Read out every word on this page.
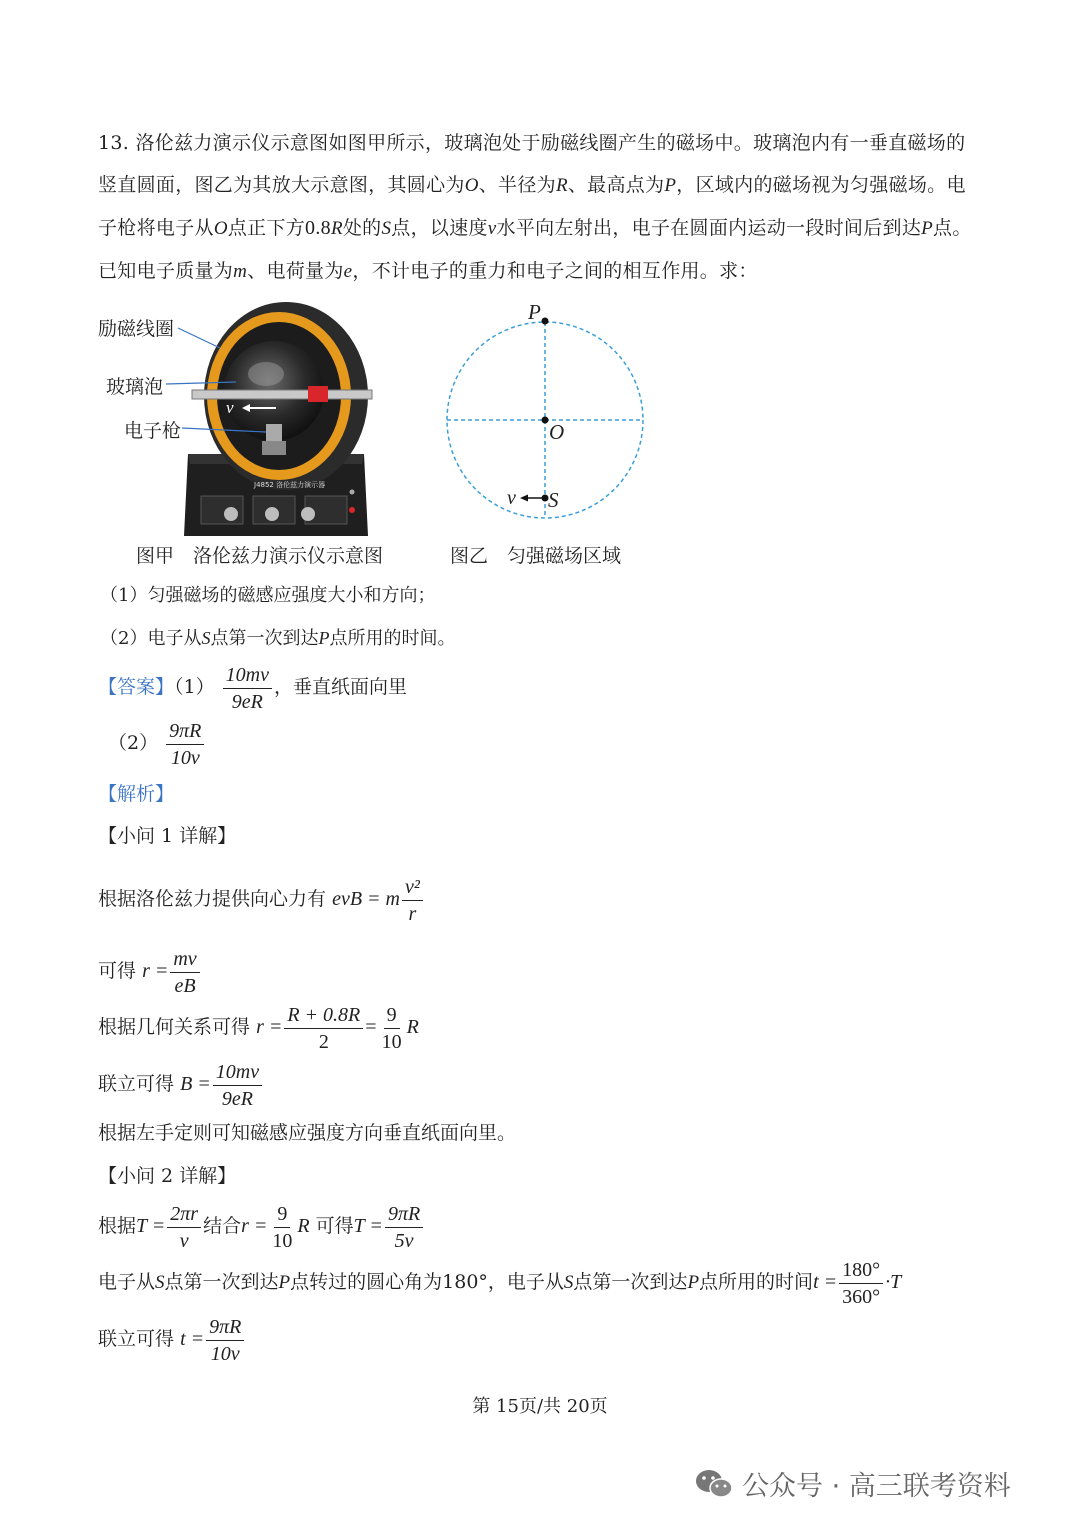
13. 洛伦兹力演示仪示意图如图甲所示，玻璃泡处于励磁线圈产生的磁场中。玻璃泡内有一垂直磁场的竖直圆面，图乙为其放大示意图，其圆心为O、半径为R、最高点为P，区域内的磁场视为匀强磁场。电子枪将电子从O点正下方0.8R处的S点，以速度v水平向左射出，电子在圆面内运动一段时间后到达P点。已知电子质量为m、电荷量为e，不计电子的重力和电子之间的相互作用。求：
励磁线圈
玻璃泡
电子枪
v
J4852 洛伦兹力演示器
P
O
S
v
图甲　洛伦兹力演示仪示意图	图乙　匀强磁场区域
（1）匀强磁场的磁感应强度大小和方向；
（2）电子从S点第一次到达P点所用的时间。
【答案】$(1) \frac{10mv}{9eR}$ ，垂直纸面向里
$(2) \frac{9\pi R}{10v}$
【解析】
【小问 1 详解】
根据洛伦兹力提供向心力有 evB = m $\frac{\text{v²}}{r}$
可得 $r = \frac{mv}{eB}$
根据几何关系可得 $r = \frac{R + 0.8R}{2} = \frac{9}{10}$ R
联立可得 $B = \frac{10mv}{9eR}$
根据左手定则可知磁感应强度方向垂直纸面向里。
【小问 2 详解】
根据$T = \frac{2\pi r}{v}$ 结合$r = \frac{9}{10}$ R 可得$T = \frac{9\pi R}{5v}$
电子从S点第一次到达P点转过的圆心角为180°，电子从S点第一次到达P点所用的时间$t = \frac{180^\circ}{360^\circ} \cdot T$
联立可得 $t = \frac{9\pi R}{10v}$
第 15页/共 20页
公众号 · 高三联考资料
